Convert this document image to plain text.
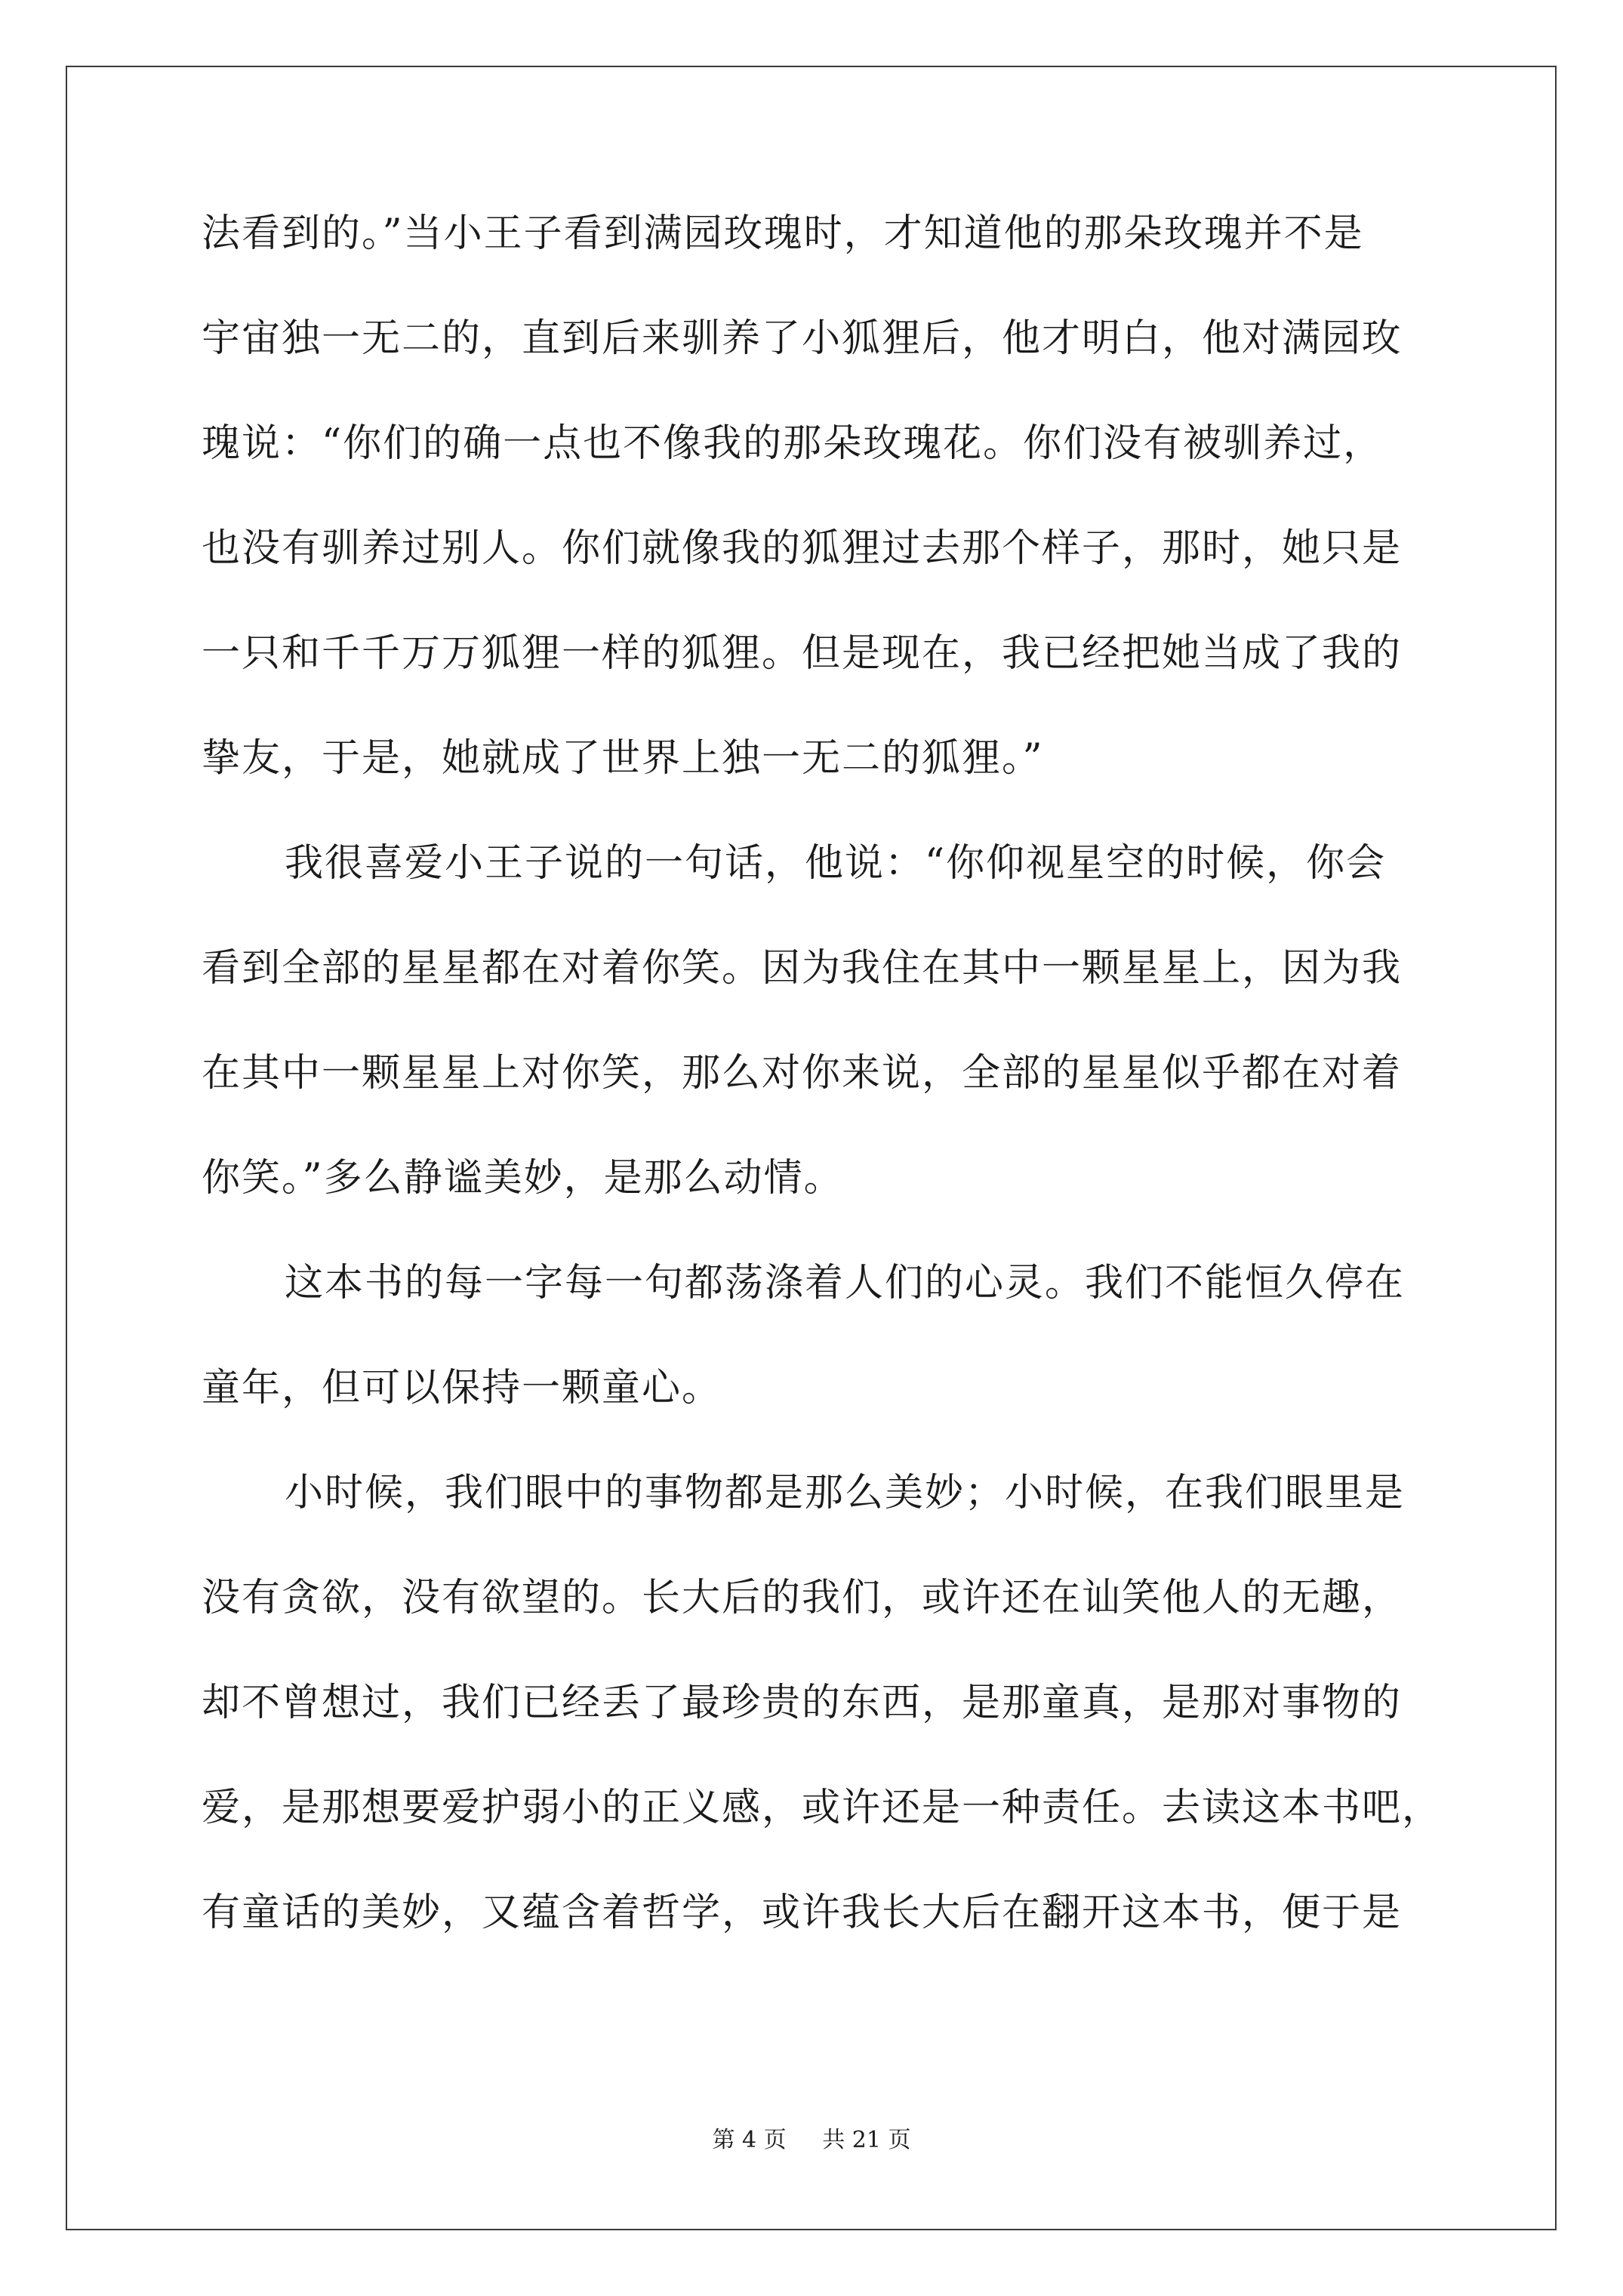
法看到的。”当小王子看到满园玫瑰时，才知道他的那朵玫瑰并不是
宇宙独一无二的，直到后来驯养了小狐狸后，他才明白，他对满园玫
瑰说：“你们的确一点也不像我的那朵玫瑰花。你们没有被驯养过，
也没有驯养过别人。你们就像我的狐狸过去那个样子，那时，她只是
一只和千千万万狐狸一样的狐狸。但是现在，我已经把她当成了我的
挚友，于是，她就成了世界上独一无二的狐狸。”
我很喜爱小王子说的一句话，他说：“你仰视星空的时候，你会
看到全部的星星都在对着你笑。因为我住在其中一颗星星上，因为我
在其中一颗星星上对你笑，那么对你来说，全部的星星似乎都在对着
你笑。”多么静谧美妙，是那么动情。
这本书的每一字每一句都荡涤着人们的心灵。我们不能恒久停在
童年，但可以保持一颗童心。
小时候，我们眼中的事物都是那么美妙；小时候，在我们眼里是
没有贪欲，没有欲望的。长大后的我们，或许还在讪笑他人的无趣，
却不曾想过，我们已经丢了最珍贵的东西，是那童真，是那对事物的
爱，是那想要爱护弱小的正义感，或许还是一种责任。去读这本书吧，
有童话的美妙，又蕴含着哲学，或许我长大后在翻开这本书，便于是
第 4 页 共 21 页
